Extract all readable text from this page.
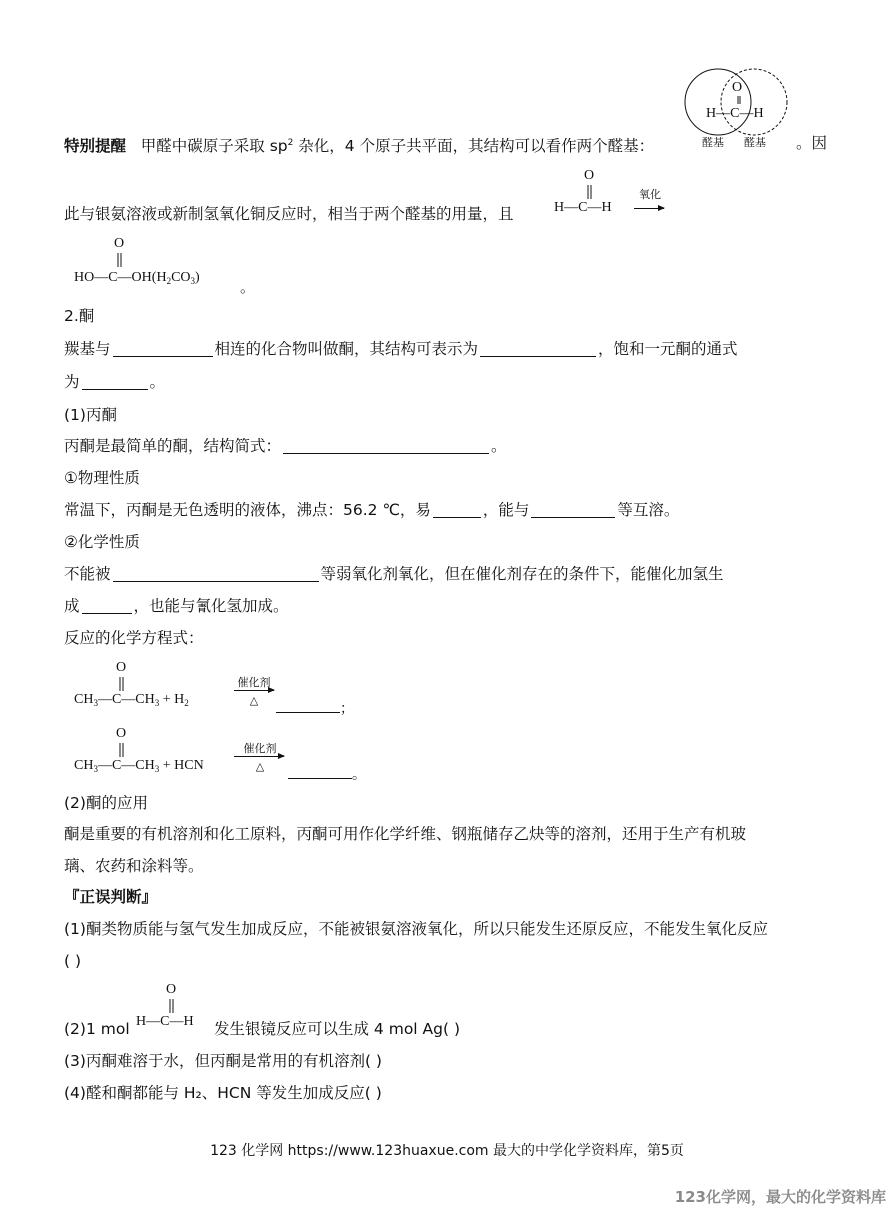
特别提醒 甲醛中碳原子采取 $sp^2$ 杂化，4 个原子共平面，其结构可以看作两个醛基：
O
H—C—H
醛基 醛基 。因
此与银氨溶液或新制氢氧化铜反应时，相当于两个醛基的用量，且
O
H—C—H
氧化
O
$HO—C—OH(H_2CO_3)$
。
2.酮
羰基与	相连的化合物叫做酮，其结构可表示为	，饱和一元酮的通式
为	。
(1)丙酮
丙酮是最简单的酮，结构简式：	。
①物理性质
常温下，丙酮是无色透明的液体，沸点：56.2 ℃，易	，能与	等互溶。
②化学性质
不能被	等弱氧化剂氧化，但在催化剂存在的条件下，能催化加氢生
成	，也能与氰化氢加成。
反应的化学方程式：
O
$CH_3—C—CH_3 + H_2$
催化剂
△
；
O
$CH_3—C—CH_3$ + HCN
催化剂
△
。
(2)酮的应用
酮是重要的有机溶剂和化工原料，丙酮可用作化学纤维、钢瓶储存乙炔等的溶剂，还用于生产有机玻
璃、农药和涂料等。
『正误判断』
(1)酮类物质能与氢气发生加成反应，不能被银氨溶液氧化，所以只能发生还原反应，不能发生氧化反应
( )
(2)1 mol
O
H—C—H 发生银镜反应可以生成 4 mol Ag( )
(3)丙酮难溶于水，但丙酮是常用的有机溶剂( )
(4)醛和酮都能与 H₂、HCN 等发生加成反应( )
123 化学网 https://www.123huaxue.com 最大的中学化学资料库，第5页
123化学网，最大的化学资料库
